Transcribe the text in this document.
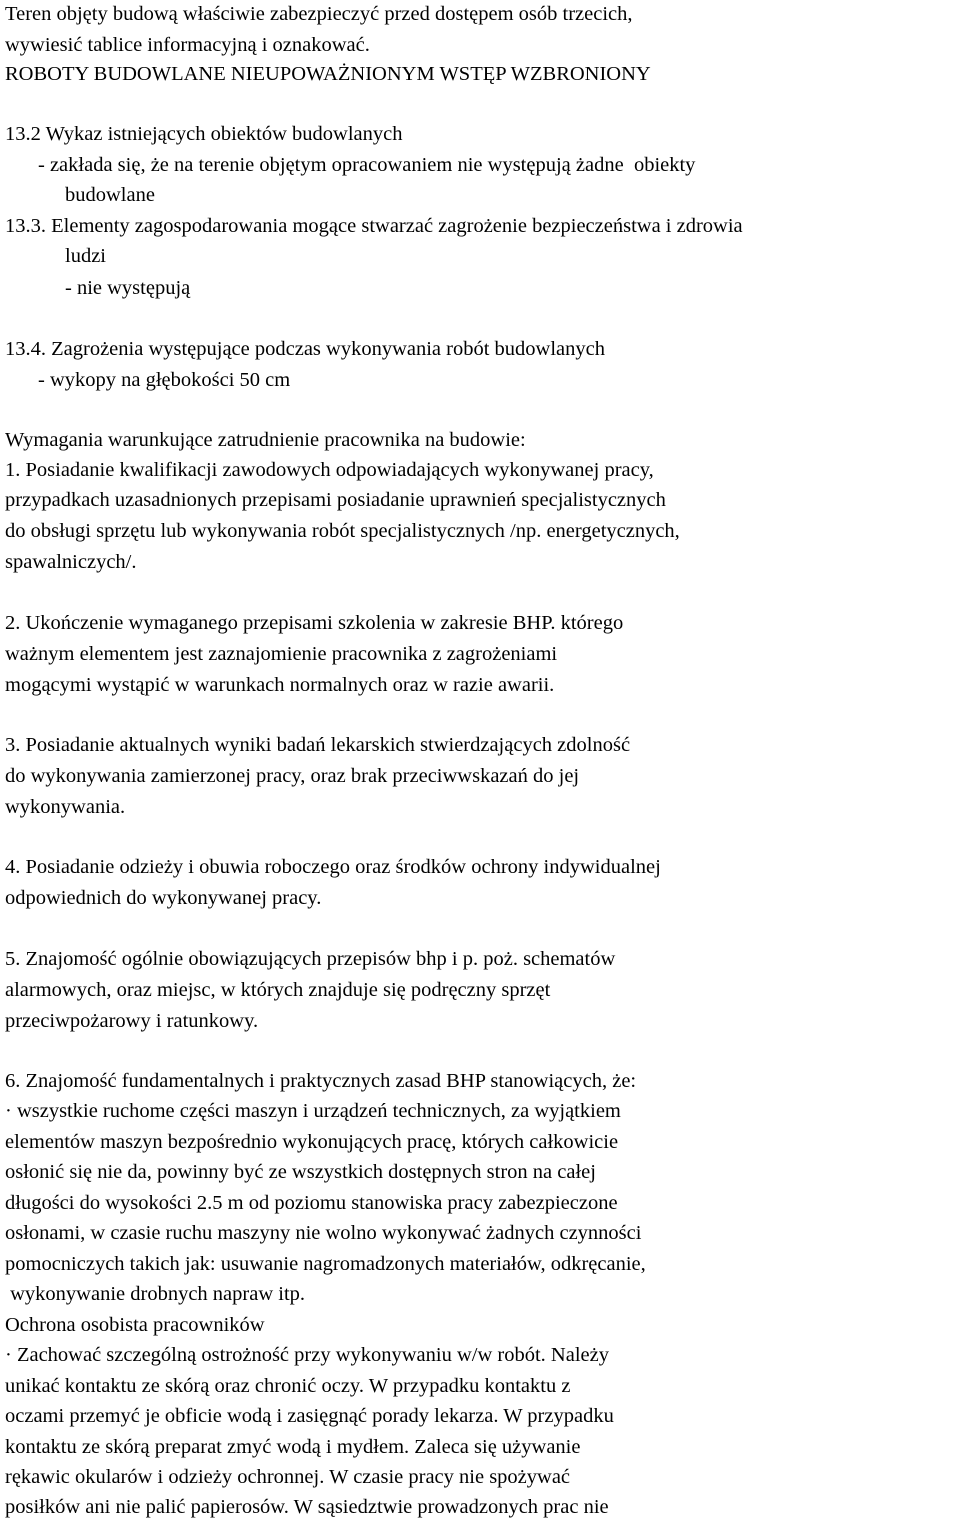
Teren objęty budową właściwie zabezpieczyć przed dostępem osób trzecich,

wywiesić tablice informacyjną i oznakować.

ROBOTY BUDOWLANE NIEUPOWAŻNIONYM WSTĘP WZBRONIONY

13.2 Wykaz istniejących obiektów budowlanych

- zakłada się, że na terenie objętym opracowaniem nie występują żadne  obiekty

budowlane

13.3. Elementy zagospodarowania mogące stwarzać zagrożenie bezpieczeństwa i zdrowia

ludzi

- nie występują

13.4. Zagrożenia występujące podczas wykonywania robót budowlanych

- wykopy na głębokości 50 cm

Wymagania warunkujące zatrudnienie pracownika na budowie:

1. Posiadanie kwalifikacji zawodowych odpowiadających wykonywanej pracy,

przypadkach uzasadnionych przepisami posiadanie uprawnień specjalistycznych

do obsługi sprzętu lub wykonywania robót specjalistycznych /np. energetycznych,

spawalniczych/.

2. Ukończenie wymaganego przepisami szkolenia w zakresie BHP. którego

ważnym elementem jest zaznajomienie pracownika z zagrożeniami

mogącymi wystąpić w warunkach normalnych oraz w razie awarii.

3. Posiadanie aktualnych wyniki badań lekarskich stwierdzających zdolność

do wykonywania zamierzonej pracy, oraz brak przeciwwskazań do jej

wykonywania.

4. Posiadanie odzieży i obuwia roboczego oraz środków ochrony indywidualnej

odpowiednich do wykonywanej pracy.

5. Znajomość ogólnie obowiązujących przepisów bhp i p. poż. schematów

alarmowych, oraz miejsc, w których znajduje się podręczny sprzęt

przeciwpożarowy i ratunkowy.

6. Znajomość fundamentalnych i praktycznych zasad BHP stanowiących, że:

· wszystkie ruchome części maszyn i urządzeń technicznych, za wyjątkiem

elementów maszyn bezpośrednio wykonujących pracę, których całkowicie

osłonić się nie da, powinny być ze wszystkich dostępnych stron na całej

długości do wysokości 2.5 m od poziomu stanowiska pracy zabezpieczone

osłonami, w czasie ruchu maszyny nie wolno wykonywać żadnych czynności

pomocniczych takich jak: usuwanie nagromadzonych materiałów, odkręcanie,

wykonywanie drobnych napraw itp.

Ochrona osobista pracowników

· Zachować szczególną ostrożność przy wykonywaniu w/w robót. Należy

unikać kontaktu ze skórą oraz chronić oczy. W przypadku kontaktu z

oczami przemyć je obficie wodą i zasięgnąć porady lekarza. W przypadku

kontaktu ze skórą preparat zmyć wodą i mydłem. Zaleca się używanie

rękawic okularów i odzieży ochronnej. W czasie pracy nie spożywać

posiłków ani nie palić papierosów. W sąsiedztwie prowadzonych prac nie
